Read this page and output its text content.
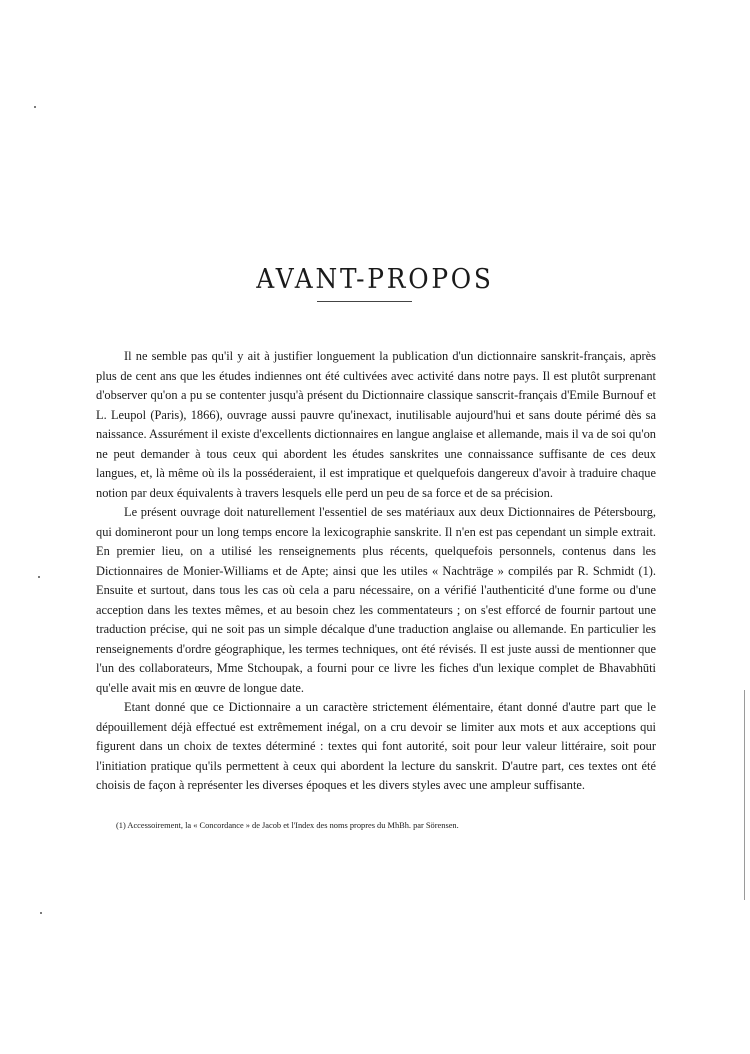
AVANT-PROPOS

Il ne semble pas qu'il y ait à justifier longuement la publication d'un dictionnaire sanskrit-français, après plus de cent ans que les études indiennes ont été cultivées avec activité dans notre pays. Il est plutôt surprenant d'observer qu'on a pu se contenter jusqu'à présent du Dictionnaire classique sanscrit-français d'Emile Burnouf et L. Leupol (Paris), 1866), ouvrage aussi pauvre qu'inexact, inutilisable aujourd'hui et sans doute périmé dès sa naissance. Assurément il existe d'excellents dictionnaires en langue anglaise et allemande, mais il va de soi qu'on ne peut demander à tous ceux qui abordent les études sanskrites une connaissance suffisante de ces deux langues, et, là même où ils la posséderaient, il est impratique et quelquefois dangereux d'avoir à traduire chaque notion par deux équivalents à travers lesquels elle perd un peu de sa force et de sa précision.

Le présent ouvrage doit naturellement l'essentiel de ses matériaux aux deux Dictionnaires de Pétersbourg, qui domineront pour un long temps encore la lexicographie sanskrite. Il n'en est pas cependant un simple extrait. En premier lieu, on a utilisé les renseignements plus récents, quelquefois personnels, contenus dans les Dictionnaires de Monier-Williams et de Apte; ainsi que les utiles « Nachträge » compilés par R. Schmidt (1). Ensuite et surtout, dans tous les cas où cela a paru nécessaire, on a vérifié l'authenticité d'une forme ou d'une acception dans les textes mêmes, et au besoin chez les commentateurs ; on s'est efforcé de fournir partout une traduction précise, qui ne soit pas un simple décalque d'une traduction anglaise ou allemande. En particulier les renseignements d'ordre géographique, les termes techniques, ont été révisés. Il est juste aussi de mentionner que l'un des collaborateurs, Mme Stchoupak, a fourni pour ce livre les fiches d'un lexique complet de Bhavabhūti qu'elle avait mis en œuvre de longue date.

Etant donné que ce Dictionnaire a un caractère strictement élémentaire, étant donné d'autre part que le dépouillement déjà effectué est extrêmement inégal, on a cru devoir se limiter aux mots et aux acceptions qui figurent dans un choix de textes déterminé : textes qui font autorité, soit pour leur valeur littéraire, soit pour l'initiation pratique qu'ils permettent à ceux qui abordent la lecture du sanskrit. D'autre part, ces textes ont été choisis de façon à représenter les diverses époques et les divers styles avec une ampleur suffisante.

(1) Accessoirement, la « Concordance » de Jacob et l'Index des noms propres du MhBh. par Sörensen.
